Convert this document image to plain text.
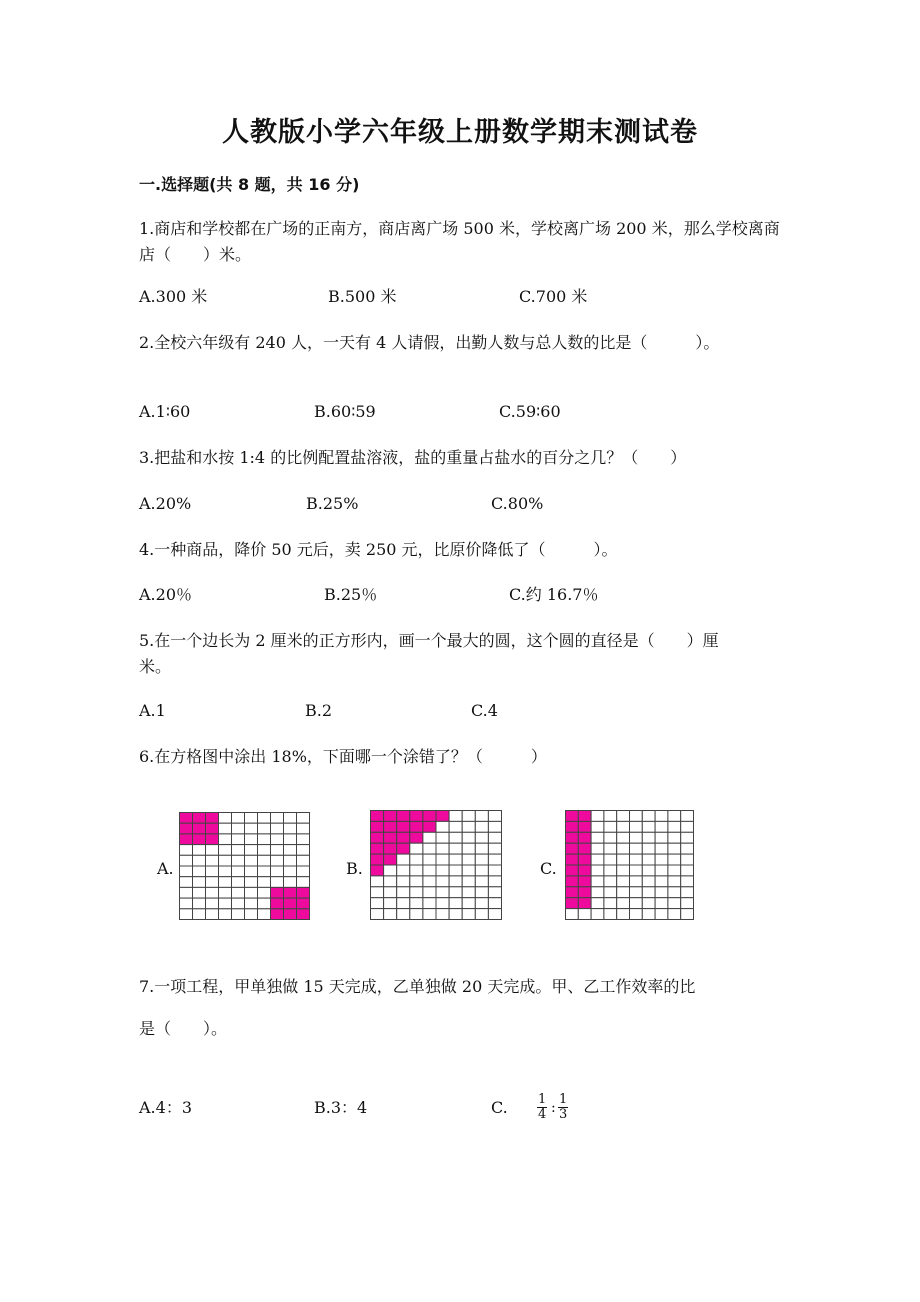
人教版小学六年级上册数学期末测试卷
一.选择题(共 8 题，共 16 分)
1.商店和学校都在广场的正南方，商店离广场 500 米，学校离广场 200 米，那么学校离商店（　　）米。
A.300 米	B.500 米	C.700 米
2.全校六年级有 240 人，一天有 4 人请假，出勤人数与总人数的比是（　　　）。
A.1∶60	B.60∶59	C.59∶60
3.把盐和水按 1:4 的比例配置盐溶液，盐的重量占盐水的百分之几？（　　）
A.20%	B.25%	C.80%
4.一种商品，降价 50 元后，卖 250 元，比原价降低了（　　　）。
A.20％	B.25％	C.约 16.7％
5.在一个边长为 2 厘米的正方形内，画一个最大的圆，这个圆的直径是（　　）厘米。
A.1	B.2	C.4
6.在方格图中涂出 18%，下面哪一个涂错了？（　　　）
A.	B.	C.
7.一项工程，甲单独做 15 天完成，乙单独做 20 天完成。甲、乙工作效率的比
是（　　）。
A.4：3	B.3：4	C. $\frac{1}{4}$ : $\frac{1}{3}$
